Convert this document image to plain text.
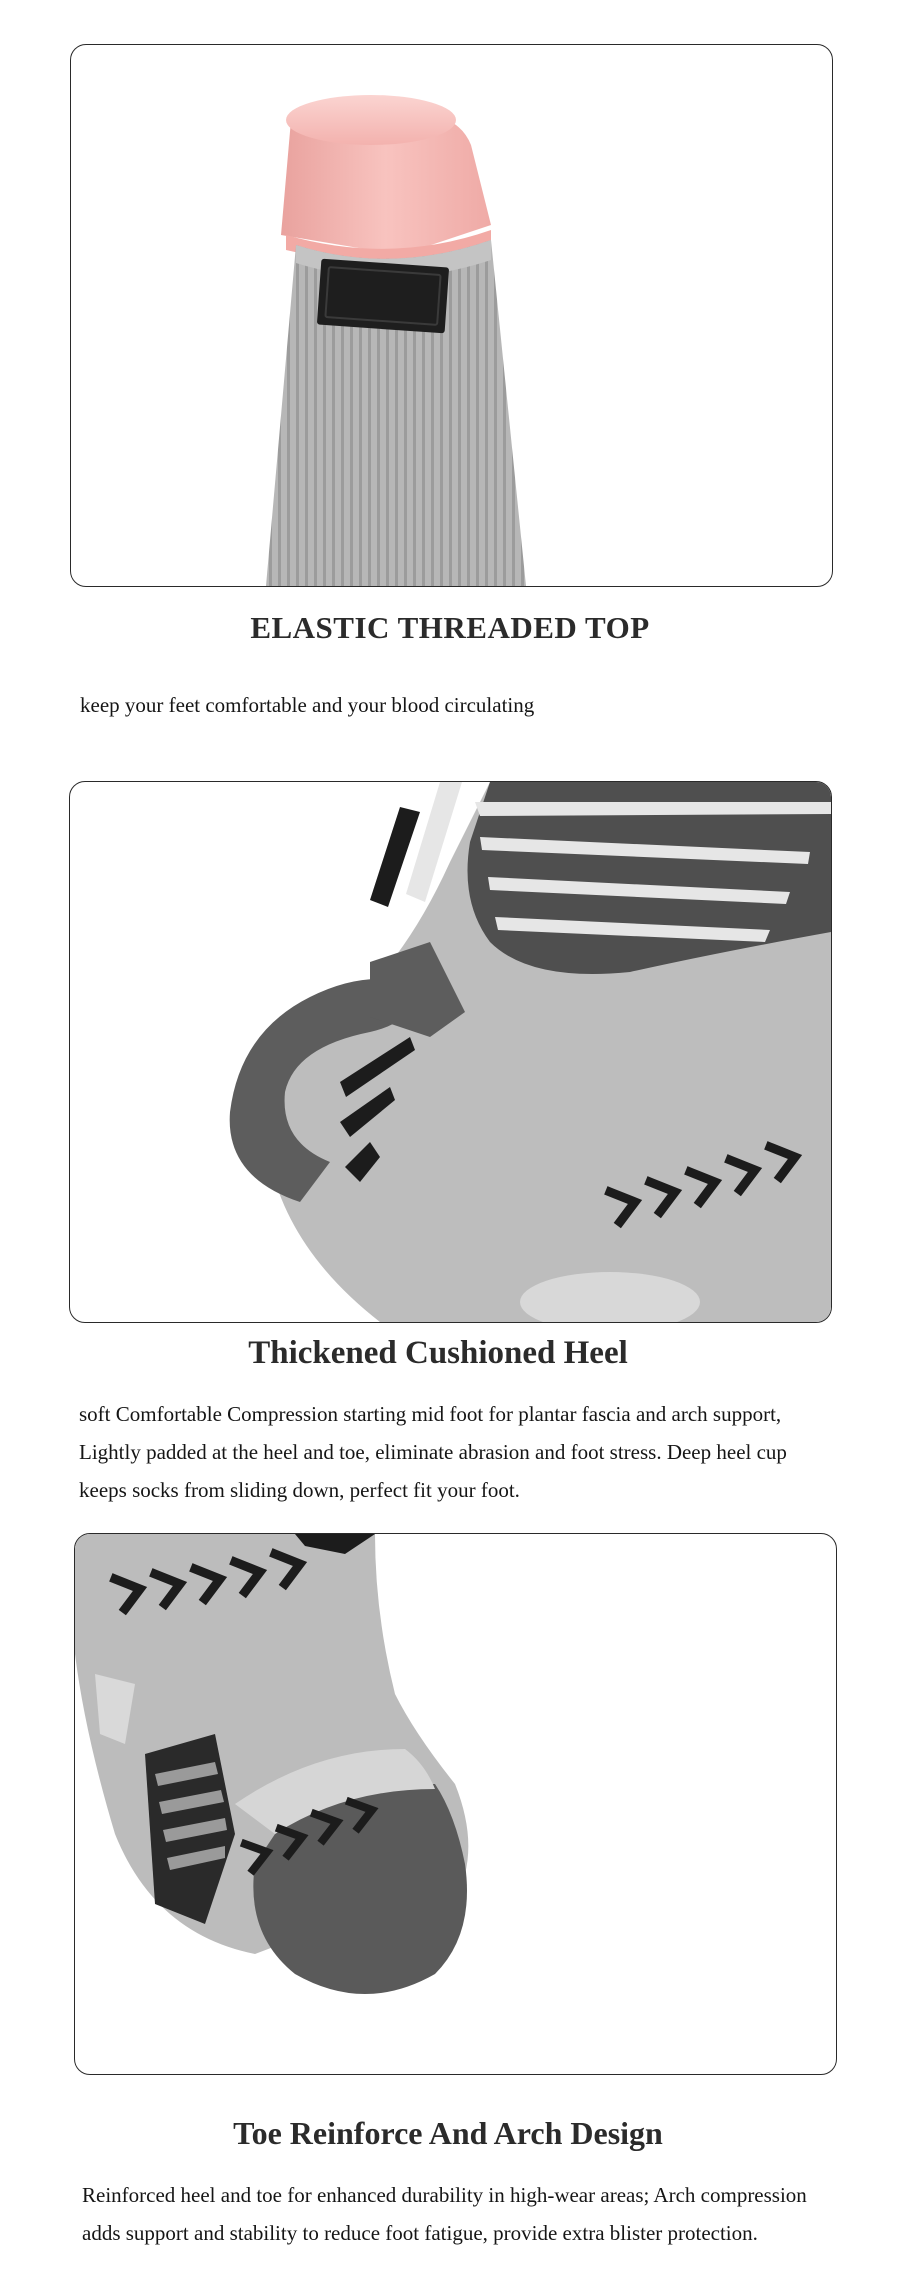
ELASTIC THREADED TOP

keep your feet comfortable and your blood circulating

Thickened Cushioned Heel

soft Comfortable Compression starting mid foot for plantar fascia and arch support,
Lightly padded at the heel and toe, eliminate abrasion and foot stress. Deep heel cup
keeps socks from sliding down, perfect fit your foot.

Toe Reinforce And Arch Design

Reinforced heel and toe for enhanced durability in high-wear areas; Arch compression
adds support and stability to reduce foot fatigue, provide extra blister protection.
